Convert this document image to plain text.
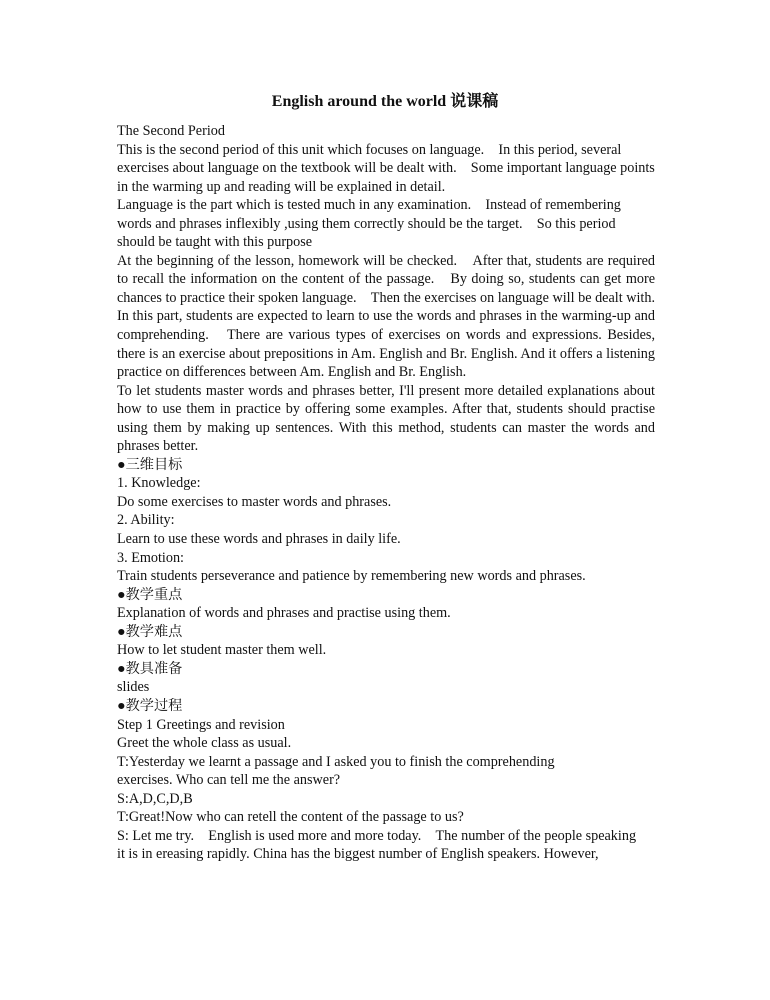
English around the world 说课稿

The Second Period

This is the second period of this unit which focuses on language.　In this period, several exercises about language on the textbook will be dealt with.　Some important language points in the warming up and reading will be explained in detail.

Language is the part which is tested much in any examination.　Instead of remembering words and phrases inflexibly ,using them correctly should be the target.　So this period should be taught with this purpose

At the beginning of the lesson, homework will be checked.　After that, students are required to recall the information on the content of the passage.　By doing so, students can get more chances to practice their spoken language.　Then the exercises on language will be dealt with.　In this part, students are expected to learn to use the words and phrases in the warming-up and comprehending.　There are various types of exercises on words and expressions. Besides, there is an exercise about prepositions in Am. English and Br. English. And it offers a listening practice on differences between Am. English and Br. English.

To let students master words and phrases better, I'll present more detailed explanations about how to use them in practice by offering some examples. After that, students should practise using them by making up sentences. With this method, students can master the words and phrases better.

●三维目标

1. Knowledge:

Do some exercises to master words and phrases.

2. Ability:

Learn to use these words and phrases in daily life.

3. Emotion:

Train students perseverance and patience by remembering new words and phrases.

●教学重点

Explanation of words and phrases and practise using them.

●教学难点

How to let student master them well.

●教具准备

slides

●教学过程

Step 1 Greetings and revision

Greet the whole class as usual.

T:Yesterday we learnt a passage and I asked you to finish the comprehending exercises. Who can tell me the answer?

S:A,D,C,D,B

T:Great!Now who can retell the content of the passage to us?

S: Let me try.　English is used more and more today.　The number of the people speaking

it is in ereasing rapidly. China has the biggest number of English speakers. However,
